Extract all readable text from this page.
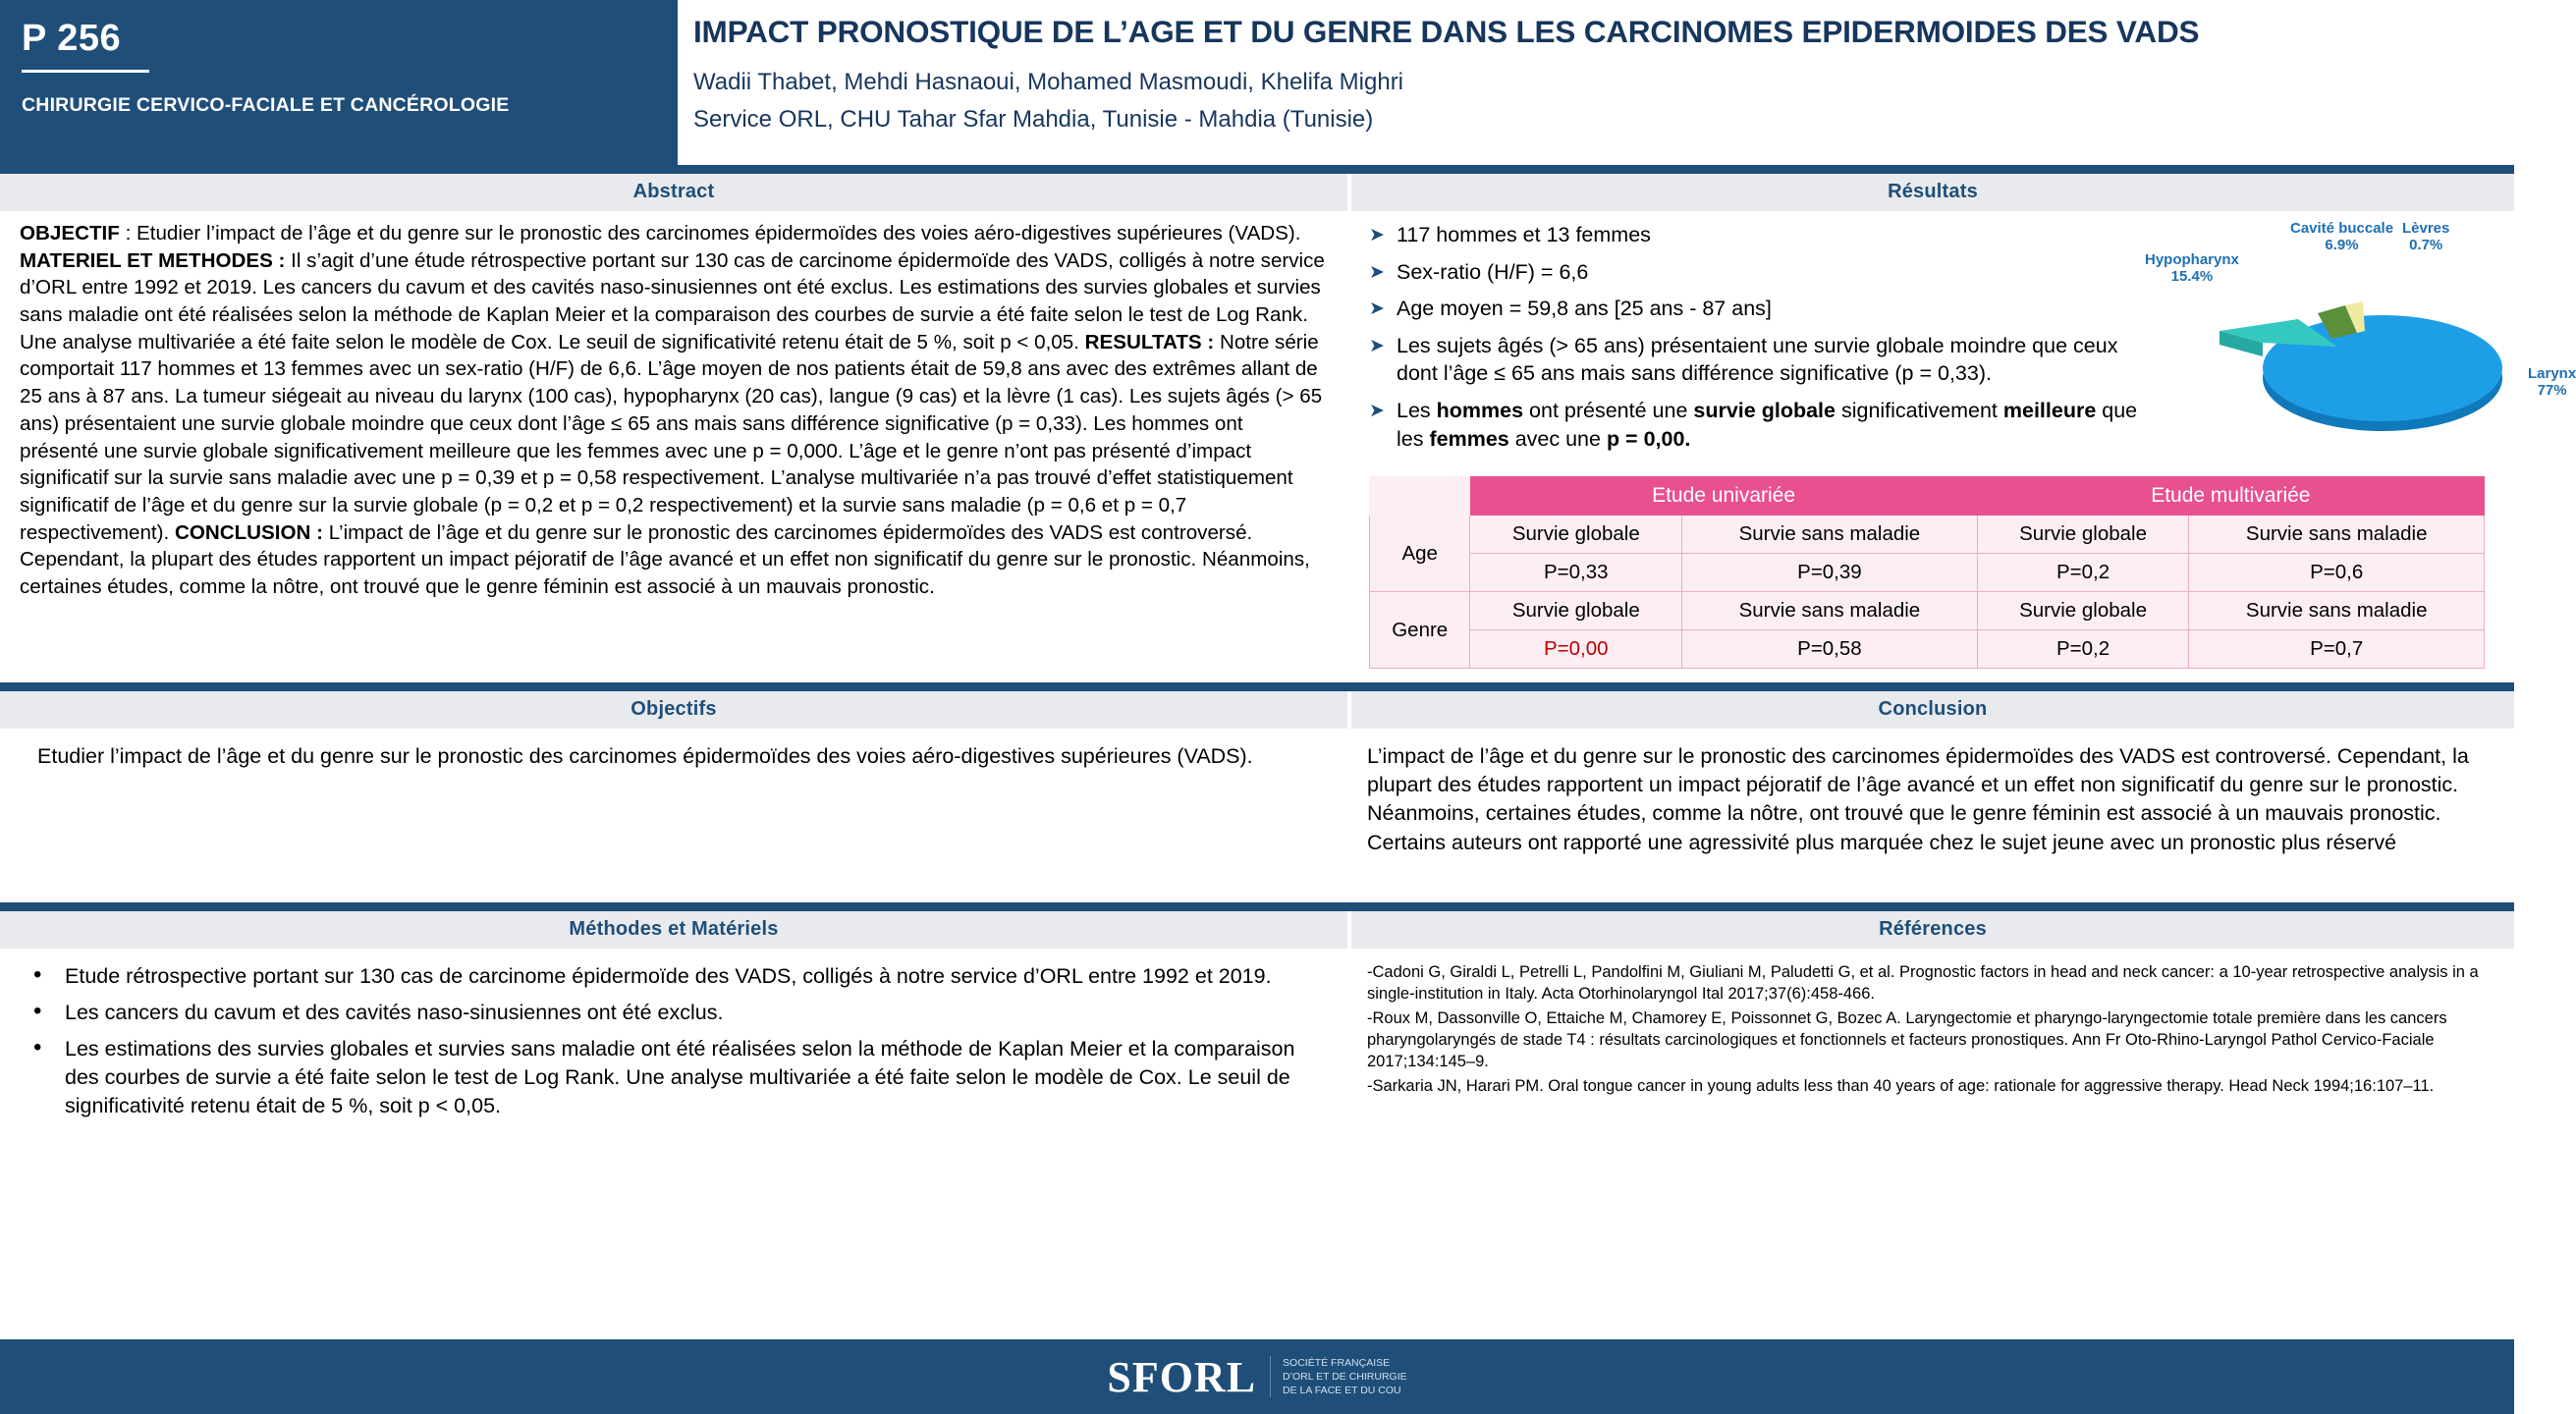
P 256
CHIRURGIE CERVICO-FACIALE ET CANCÉROLOGIE
IMPACT PRONOSTIQUE DE L’AGE ET DU GENRE DANS LES CARCINOMES EPIDERMOIDES DES VADS
Wadii Thabet, Mehdi Hasnaoui, Mohamed Masmoudi, Khelifa Mighri
Service ORL, CHU Tahar Sfar Mahdia, Tunisie - Mahdia (Tunisie)
Abstract
OBJECTIF : Etudier l’impact de l’âge et du genre sur le pronostic des carcinomes épidermoïdes des voies aéro-digestives supérieures (VADS). MATERIEL ET METHODES : Il s’agit d’une étude rétrospective portant sur 130 cas de carcinome épidermoïde des VADS, colligés à notre service d’ORL entre 1992 et 2019. Les cancers du cavum et des cavités naso-sinusiennes ont été exclus. Les estimations des survies globales et survies sans maladie ont été réalisées selon la méthode de Kaplan Meier et la comparaison des courbes de survie a été faite selon le test de Log Rank. Une analyse multivariée a été faite selon le modèle de Cox. Le seuil de significativité retenu était de 5 %, soit p < 0,05. RESULTATS : Notre série comportait 117 hommes et 13 femmes avec un sex-ratio (H/F) de 6,6. L’âge moyen de nos patients était de 59,8 ans avec des extrêmes allant de 25 ans à 87 ans. La tumeur siégeait au niveau du larynx (100 cas), hypopharynx (20 cas), langue (9 cas) et la lèvre (1 cas). Les sujets âgés (> 65 ans) présentaient une survie globale moindre que ceux dont l’âge ≤ 65 ans mais sans différence significative (p = 0,33). Les hommes ont présenté une survie globale significativement meilleure que les femmes avec une p = 0,000. L’âge et le genre n’ont pas présenté d’impact significatif sur la survie sans maladie avec une p = 0,39 et p = 0,58 respectivement. L’analyse multivariée n’a pas trouvé d’effet statistiquement significatif de l’âge et du genre sur la survie globale (p = 0,2 et p = 0,2 respectivement) et la survie sans maladie (p = 0,6 et p = 0,7 respectivement). CONCLUSION : L’impact de l’âge et du genre sur le pronostic des carcinomes épidermoïdes des VADS est controversé. Cependant, la plupart des études rapportent un impact péjoratif de l’âge avancé et un effet non significatif du genre sur le pronostic. Néanmoins, certaines études, comme la nôtre, ont trouvé que le genre féminin est associé à un mauvais pronostic.
Résultats
➤ 117 hommes et 13 femmes
➤ Sex-ratio (H/F) = 6,6
➤ Age moyen = 59,8 ans [25 ans - 87 ans]
➤ Les sujets âgés (> 65 ans) présentaient une survie globale moindre que ceux dont l’âge ≤ 65 ans mais sans différence significative (p = 0,33).
➤ Les hommes ont présenté une survie globale significativement meilleure que les femmes avec une p = 0,00.
Cavité buccale
6.9%
Lèvres
0.7%
Hypopharynx
15.4%
Larynx
77%
	Etude univariée		Etude multivariée	
Age	Survie globale	Survie sans maladie	Survie globale	Survie sans maladie
	P=0,33	P=0,39	P=0,2	P=0,6
Genre	Survie globale	Survie sans maladie	Survie globale	Survie sans maladie
	P=0,00	P=0,58	P=0,2	P=0,7
Objectifs
Etudier l’impact de l’âge et du genre sur le pronostic des carcinomes épidermoïdes des voies aéro-digestives supérieures (VADS).
Conclusion
L’impact de l’âge et du genre sur le pronostic des carcinomes épidermoïdes des VADS est controversé. Cependant, la plupart des études rapportent un impact péjoratif de l’âge avancé et un effet non significatif du genre sur le pronostic. Néanmoins, certaines études, comme la nôtre, ont trouvé que le genre féminin est associé à un mauvais pronostic. Certains auteurs ont rapporté une agressivité plus marquée chez le sujet jeune avec un pronostic plus réservé
Méthodes et Matériels
•	Etude rétrospective portant sur 130 cas de carcinome épidermoïde des VADS, colligés à notre service d’ORL entre 1992 et 2019.
•	Les cancers du cavum et des cavités naso-sinusiennes ont été exclus.
•	Les estimations des survies globales et survies sans maladie ont été réalisées selon la méthode de Kaplan Meier et la comparaison des courbes de survie a été faite selon le test de Log Rank. Une analyse multivariée a été faite selon le modèle de Cox. Le seuil de significativité retenu était de 5 %, soit p < 0,05.
Références

-Cadoni G, Giraldi L, Petrelli L, Pandolfini M, Giuliani M, Paludetti G, et al. Prognostic factors in head and neck cancer: a 10-year retrospective analysis in a single-institution in Italy. Acta Otorhinolaryngol Ital 2017;37(6):458-466.

-Roux M, Dassonville O, Ettaiche M, Chamorey E, Poissonnet G, Bozec A. Laryngectomie et pharyngo-laryngectomie totale première dans les cancers pharyngolaryngés de stade T4 : résultats carcinologiques et fonctionnels et facteurs pronostiques. Ann Fr Oto-Rhino-Laryngol Pathol Cervico-Faciale 2017;134:145–9.

-Sarkaria JN, Harari PM. Oral tongue cancer in young adults less than 40 years of age: rationale for aggressive therapy. Head Neck 1994;16:107–11.

SFORL	SOCIÉTÉ FRANÇAISE
D’ORL ET DE CHIRURGIE
DE LA FACE ET DU COU
